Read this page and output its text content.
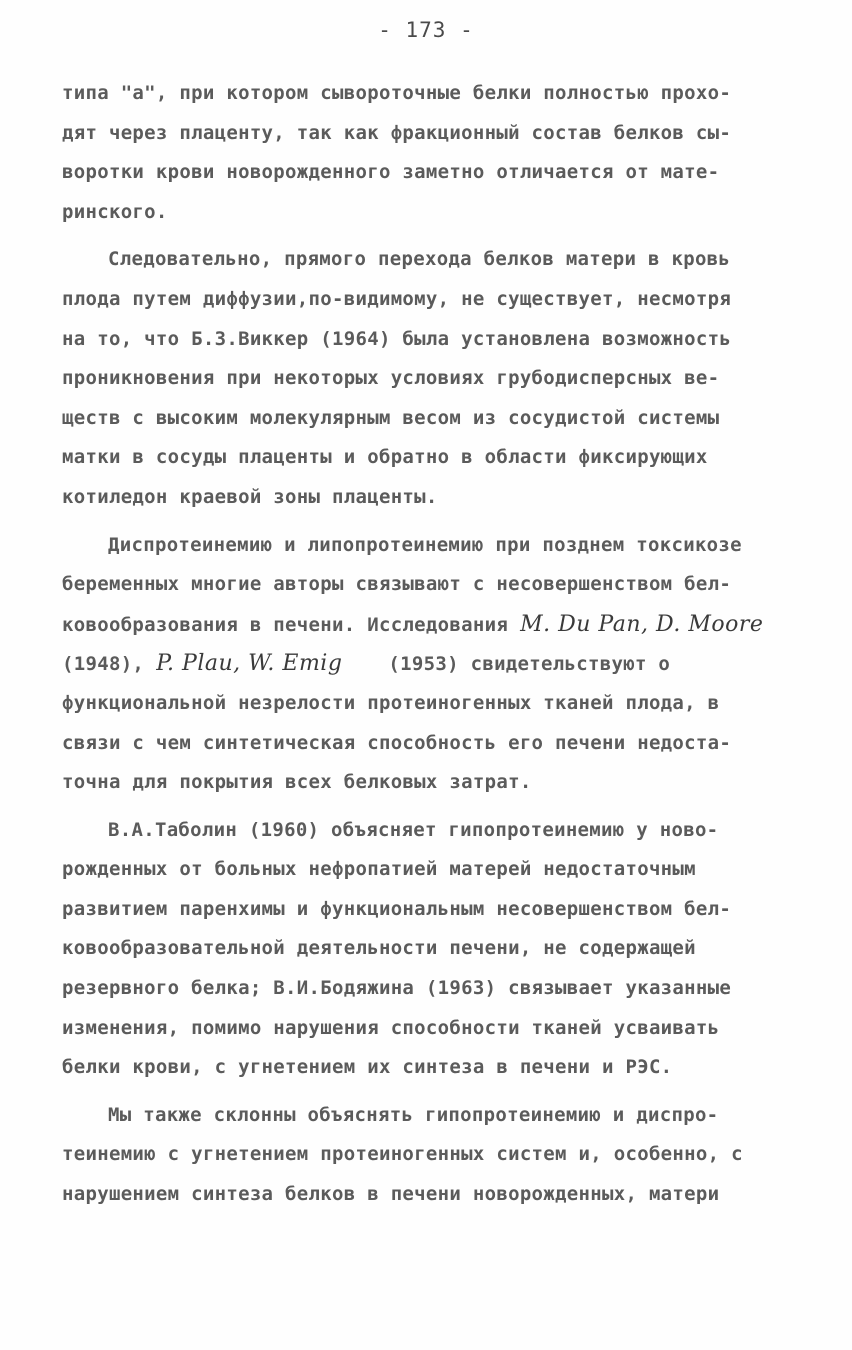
- 173 -
типа "а", при котором сывороточные белки полностью прохо-
дят через плаценту, так как фракционный состав белков сы-
воротки крови новорожденного заметно отличается от мате-
ринского.
Следовательно, прямого перехода белков матери в кровь
плода путем диффузии,по-видимому, не существует, несмотря
на то, что Б.З.Виккер (1964) была установлена возможность
проникновения при некоторых условиях грубодисперсных ве-
ществ с высоким молекулярным весом из сосудистой системы
матки в сосуды плаценты и обратно в области фиксирующих
котиледон краевой зоны плаценты.
Диспротеинемию и липопротеинемию при позднем токсикозе
беременных многие авторы связывают с несовершенством бел-
ковообразования в печени. Исследования M. Du Pan, D. Moore
(1948), P. Plau, W. Emig (1953) свидетельствуют о
функциональной незрелости протеиногенных тканей плода, в
связи с чем синтетическая способность его печени недоста-
точна для покрытия всех белковых затрат.
В.А.Таболин (1960) объясняет гипопротеинемию у ново-
рожденных от больных нефропатией матерей недостаточным
развитием паренхимы и функциональным несовершенством бел-
ковообразовательной деятельности печени, не содержащей
резервного белка; В.И.Бодяжина (1963) связывает указанные
изменения, помимо нарушения способности тканей усваивать
белки крови, с угнетением их синтеза в печени и РЭС.
Мы также склонны объяснять гипопротеинемию и диспро-
теинемию с угнетением протеиногенных систем и, особенно, с
нарушением синтеза белков в печени новорожденных, матери
